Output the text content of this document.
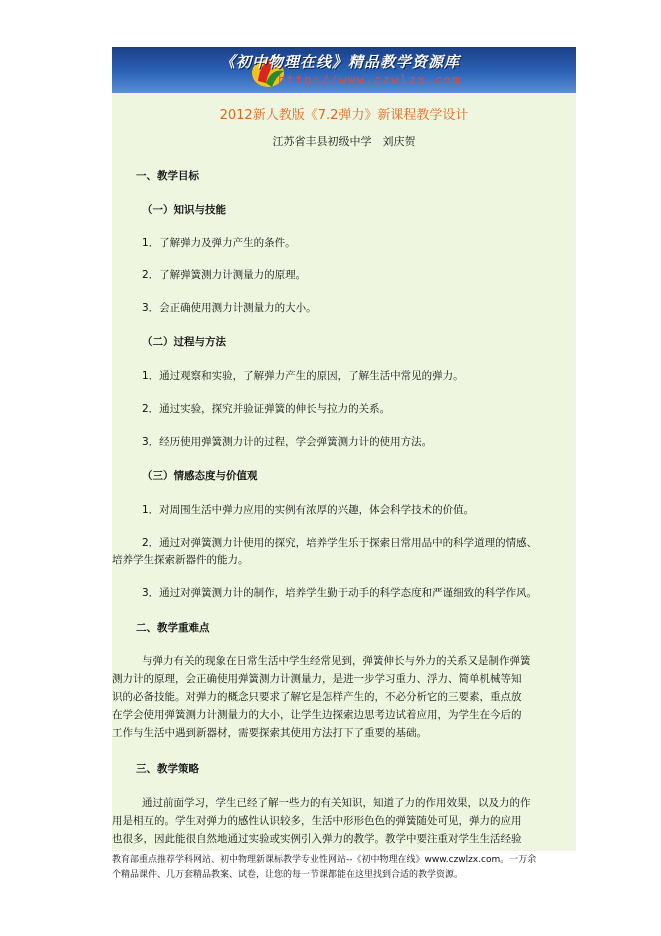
《初中物理在线》精品教学资源库
http://www.czwlzx.com
2012新人教版《7.2弹力》新课程教学设计
江苏省丰县初级中学　刘庆贺
一、教学目标
（一）知识与技能
1．了解弹力及弹力产生的条件。
2．了解弹簧测力计测量力的原理。
3．会正确使用测力计测量力的大小。
（二）过程与方法
1．通过观察和实验，了解弹力产生的原因，了解生活中常见的弹力。
2．通过实验，探究并验证弹簧的伸长与拉力的关系。
3．经历使用弹簧测力计的过程，学会弹簧测力计的使用方法。
（三）情感态度与价值观
1．对周围生活中弹力应用的实例有浓厚的兴趣，体会科学技术的价值。
2．通过对弹簧测力计使用的探究，培养学生乐于探索日常用品中的科学道理的情感、
培养学生探索新器件的能力。
3．通过对弹簧测力计的制作，培养学生勤于动手的科学态度和严谨细致的科学作风。
二、教学重难点
与弹力有关的现象在日常生活中学生经常见到，弹簧伸长与外力的关系又是制作弹簧
测力计的原理，会正确使用弹簧测力计测量力，是进一步学习重力、浮力、简单机械等知
识的必备技能。对弹力的概念只要求了解它是怎样产生的，不必分析它的三要素，重点放
在学会使用弹簧测力计测量力的大小，让学生边探索边思考边试着应用，为学生在今后的
工作与生活中遇到新器材，需要探索其使用方法打下了重要的基础。
三、教学策略
通过前面学习，学生已经了解一些力的有关知识，知道了力的作用效果，以及力的作
用是相互的。学生对弹力的感性认识较多，生活中形形色色的弹簧随处可见，弹力的应用
也很多，因此能很自然地通过实验或实例引入弹力的教学。教学中要注重对学生生活经验
教育部重点推荐学科网站、初中物理新课标教学专业性网站--《初中物理在线》www.czwlzx.com。一万余
个精品课件、几万套精品教案、试卷，让您的每一节课都能在这里找到合适的教学资源。
